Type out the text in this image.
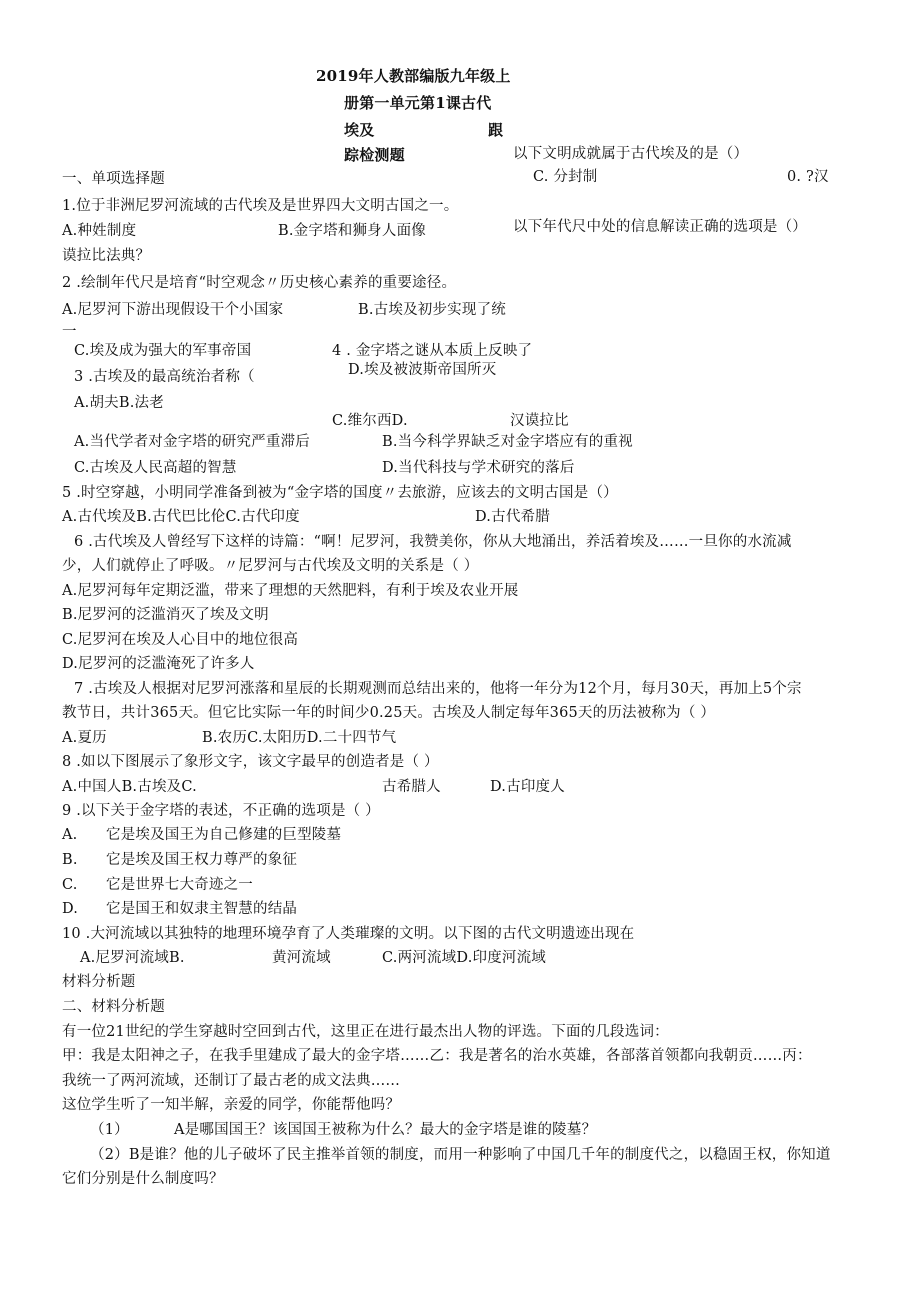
2019年人教部编版九年级上
册第一单元第1课古代
埃及	跟
踪检测题	以下文明成就属于古代埃及的是（）
一、单项选择题	C. 分封制	0. ?汉
1.位于非洲尼罗河流域的古代埃及是世界四大文明古国之一。
A.种姓制度	B.金字塔和狮身人面像	以下年代尺中处的信息解读正确的选项是（）
谟拉比法典？
2 .绘制年代尺是培育“时空观念〃历史核心素养的重要途径。
A.尼罗河下游出现假设干个小国家	B.古埃及初步实现了统
一
C.埃及成为强大的军事帝国	4 . 金字塔之谜从本质上反映了
D.埃及被波斯帝国所灭
3 .古埃及的最高统治者称（
A.胡夫B.法老
C.维尔西D.	汉谟拉比
A.当代学者对金字塔的研究严重滞后	B.当今科学界缺乏对金字塔应有的重视
C.古埃及人民高超的智慧	D.当代科技与学术研究的落后
5 .时空穿越，小明同学准备到被为“金字塔的国度〃去旅游，应该去的文明古国是（）
A.古代埃及B.古代巴比伦C.古代印度	D.古代希腊
6 .古代埃及人曾经写下这样的诗篇：“啊！尼罗河，我赞美你，你从大地涌出，养活着埃及……一旦你的水流减
少，人们就停止了呼吸。〃尼罗河与古代埃及文明的关系是（ ）
A.尼罗河每年定期泛滥，带来了理想的天然肥料，有利于埃及农业开展
B.尼罗河的泛滥消灭了埃及文明
C.尼罗河在埃及人心目中的地位很高
D.尼罗河的泛滥淹死了许多人
7 .古埃及人根据对尼罗河涨落和星辰的长期观测而总结出来的，他将一年分为12个月，每月30天，再加上5个宗
教节日，共计365天。但它比实际一年的时间少0.25天。古埃及人制定每年365天的历法被称为（ ）
A.夏历	B.农历C.太阳历D.二十四节气
8 .如以下图展示了象形文字，该文字最早的创造者是（ ）
A.中国人B.古埃及C.	古希腊人	D.古印度人
9 .以下关于金字塔的表述，不正确的选项是（ ）
A. 它是埃及国王为自己修建的巨型陵墓
B. 它是埃及国王权力尊严的象征
C. 它是世界七大奇迹之一
D. 它是国王和奴隶主智慧的结晶
10 .大河流域以其独特的地理环境孕育了人类璀璨的文明。以下图的古代文明遗迹出现在
A.尼罗河流域B.	黄河流域	C.两河流域D.印度河流域
材料分析题
二、材料分析题
有一位21世纪的学生穿越时空回到古代，这里正在进行最杰出人物的评选。下面的几段选词：
甲：我是太阳神之子，在我手里建成了最大的金字塔……乙：我是著名的治水英雄，各部落首领都向我朝贡……丙：
我统一了两河流域，还制订了最古老的成文法典……
这位学生听了一知半解，亲爱的同学，你能帮他吗？
（1）	A是哪国国王？该国国王被称为什么？最大的金字塔是谁的陵墓？
（2）B是谁？他的儿子破坏了民主推举首领的制度，而用一种影响了中国几千年的制度代之，以稳固王权，你知道
它们分别是什么制度吗？
